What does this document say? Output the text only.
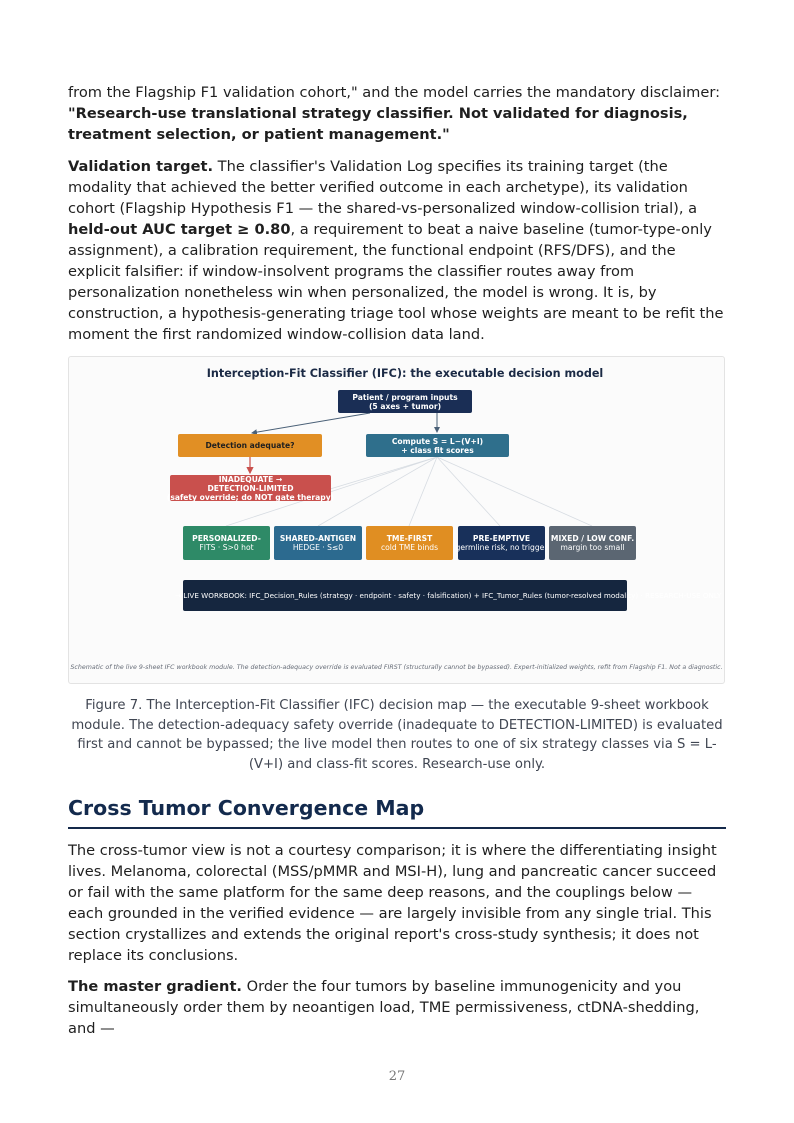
from the Flagship F1 validation cohort," and the model carries the mandatory disclaimer:
"Research-use translational strategy classifier. Not validated for diagnosis, treatment selection, or patient management."

Validation target. The classifier's Validation Log specifies its training target (the modality that achieved the better verified outcome in each archetype), its validation cohort (Flagship Hypothesis F1 — the shared-vs-personalized window-collision trial), a held-out AUC target ≥ 0.80, a requirement to beat a naive baseline (tumor-type-only assignment), a calibration requirement, the functional endpoint (RFS/DFS), and the explicit falsifier: if window-insolvent programs the classifier routes away from personalization nonetheless win when personalized, the model is wrong. It is, by construction, a hypothesis-generating triage tool whose weights are meant to be refit the moment the first randomized window-collision data land.

Interception-Fit Classifier (IFC): the executable decision model
Patient / program inputs
(5 axes + tumor)
Detection adequate?	Compute S = L−(V+I)
+ class fit scores
INADEQUATE →
DETECTION-LIMITED
(safety override; do NOT gate therapy)
PERSONALIZED-
FITS · S>0 hot
SHARED-ANTIGEN
HEDGE · S≤0
TME-FIRST
cold TME binds
PRE-EMPTIVE
germline risk, no trigger
MIXED / LOW CONF.
margin too small
→ LIVE WORKBOOK: IFC_Decision_Rules (strategy · endpoint · safety · falsification) + IFC_Tumor_Rules (tumor-resolved modality) · RESEARCH-USE ONLY
Schematic of the live 9-sheet IFC workbook module. The detection-adequacy override is evaluated FIRST (structurally cannot be bypassed). Expert-initialized weights, refit from Flagship F1. Not a diagnostic.

Figure 7. The Interception-Fit Classifier (IFC) decision map — the executable 9-sheet workbook module. The detection-adequacy safety override (inadequate to DETECTION-LIMITED) is evaluated first and cannot be bypassed; the live model then routes to one of six strategy classes via S = L-(V+I) and class-fit scores. Research-use only.

Cross Tumor Convergence Map

The cross-tumor view is not a courtesy comparison; it is where the differentiating insight lives. Melanoma, colorectal (MSS/pMMR and MSI-H), lung and pancreatic cancer succeed or fail with the same platform for the same deep reasons, and the couplings below — each grounded in the verified evidence — are largely invisible from any single trial. This section crystallizes and extends the original report's cross-study synthesis; it does not replace its conclusions.

The master gradient. Order the four tumors by baseline immunogenicity and you simultaneously order them by neoantigen load, TME permissiveness, ctDNA-shedding, and —

27
